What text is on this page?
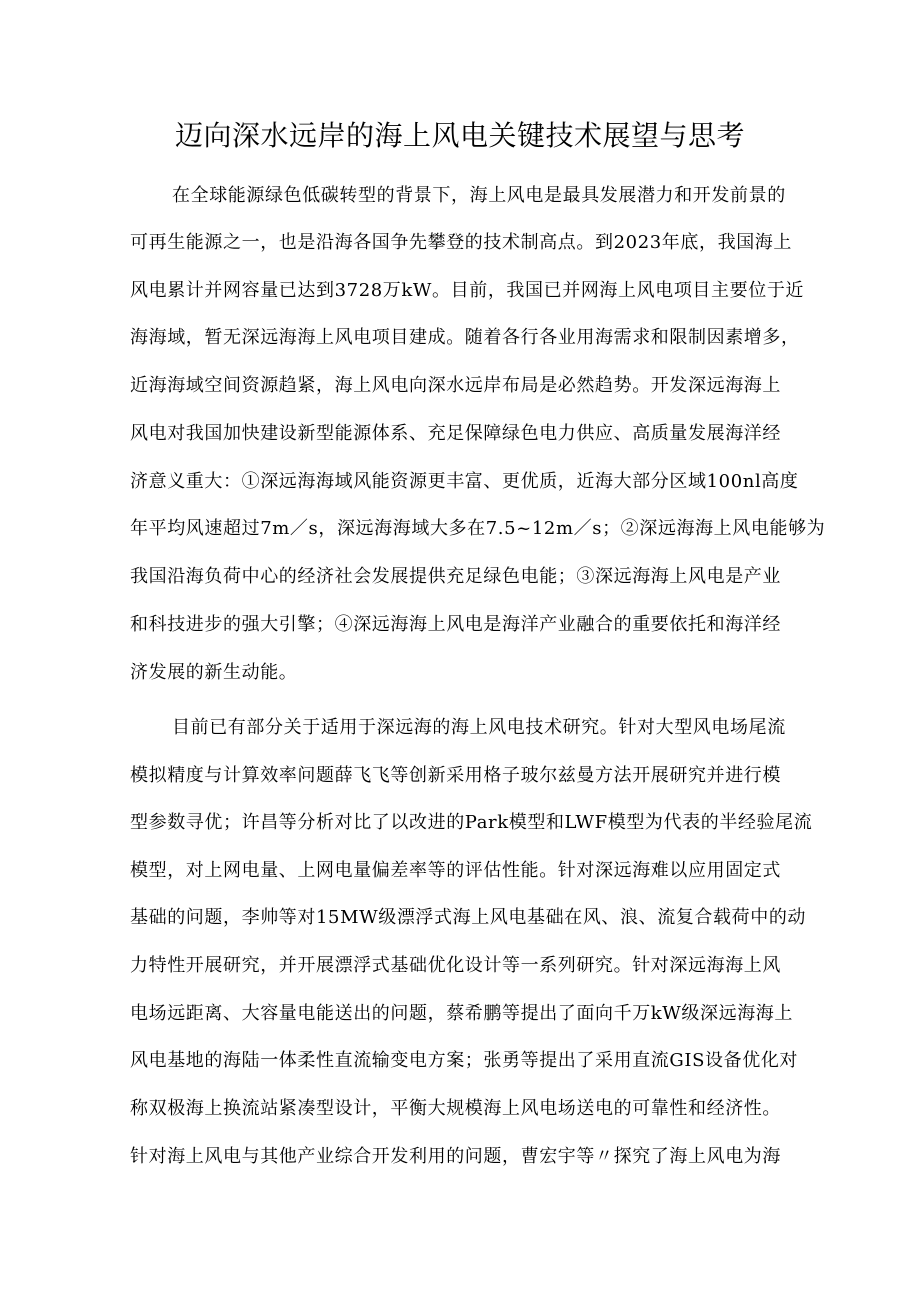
迈向深水远岸的海上风电关键技术展望与思考

在全球能源绿色低碳转型的背景下，海上风电是最具发展潜力和开发前景的

可再生能源之一，也是沿海各国争先攀登的技术制高点。到2023年底，我国海上

风电累计并网容量已达到3728万kW。目前，我国已并网海上风电项目主要位于近

海海域，暂无深远海海上风电项目建成。随着各行各业用海需求和限制因素增多，

近海海域空间资源趋紧，海上风电向深水远岸布局是必然趋势。开发深远海海上

风电对我国加快建设新型能源体系、充足保障绿色电力供应、高质量发展海洋经

济意义重大：①深远海海域风能资源更丰富、更优质，近海大部分区域100nl高度

年平均风速超过7m／s，深远海海域大多在7.5~12m／s；②深远海海上风电能够为

我国沿海负荷中心的经济社会发展提供充足绿色电能；③深远海海上风电是产业

和科技进步的强大引擎；④深远海海上风电是海洋产业融合的重要依托和海洋经

济发展的新生动能。

目前已有部分关于适用于深远海的海上风电技术研究。针对大型风电场尾流

模拟精度与计算效率问题薛飞飞等创新采用格子玻尔兹曼方法开展研究并进行模

型参数寻优；许昌等分析对比了以改进的Park模型和LWF模型为代表的半经验尾流

模型，对上网电量、上网电量偏差率等的评估性能。针对深远海难以应用固定式

基础的问题，李帅等对15MW级漂浮式海上风电基础在风、浪、流复合载荷中的动

力特性开展研究，并开展漂浮式基础优化设计等一系列研究。针对深远海海上风

电场远距离、大容量电能送出的问题，蔡希鹏等提出了面向千万kW级深远海海上

风电基地的海陆一体柔性直流输变电方案；张勇等提出了采用直流GIS设备优化对

称双极海上换流站紧凑型设计，平衡大规模海上风电场送电的可靠性和经济性。

针对海上风电与其他产业综合开发利用的问题，曹宏宇等〃探究了海上风电为海
